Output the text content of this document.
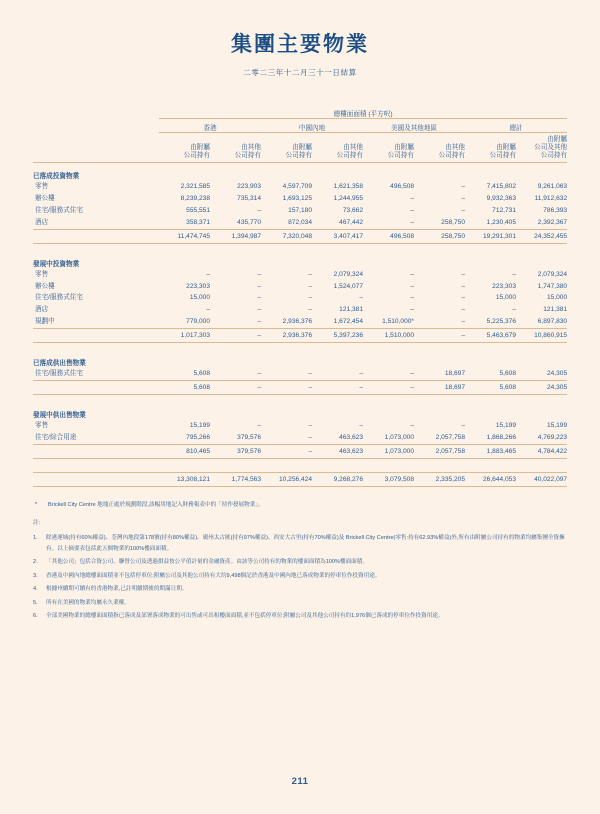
集團主要物業
二零二三年十二月三十一日結算
	總樓面面積 (平方呎)							
	香港		中國內地		美國及其他地區		總計	
	由附屬
公司持有	由其他
公司持有	由附屬
公司持有	由其他
公司持有	由附屬
公司持有	由其他
公司持有	由附屬
公司持有	由附屬
公司及其他
公司持有
已落成投資物業								
零售	2,321,585	223,903	4,597,709	1,621,358	496,508	–	7,415,802	9,261,063
辦公樓	8,239,238	735,314	1,693,125	1,244,955	–	–	9,932,363	11,912,632
住宅/服務式住宅	555,551	–	157,180	73,662	–	–	712,731	786,393
酒店	358,371	435,770	872,034	467,442	–	258,750	1,230,405	2,392,367
	11,474,745	1,394,987	7,320,048	3,407,417	496,508	258,750	19,291,301	24,352,455

發展中投資物業								
零售	–	–	–	2,079,324	–	–	–	2,079,324
辦公樓	223,303	–	–	1,524,077	–	–	223,303	1,747,380
住宅/服務式住宅	15,000	–	–	–	–	–	15,000	15,000
酒店	–	–	–	121,381	–	–	–	121,381
規劃中	779,000	–	2,936,376	1,672,454	1,510,000*	–	5,225,376	6,897,830
	1,017,303	–	2,936,376	5,397,236	1,510,000	–	5,463,679	10,860,915

已落成供出售物業								
住宅/服務式住宅	5,608	–	–	–	–	18,697	5,608	24,305
	5,608	–	–	–	–	18,697	5,608	24,305

發展中供出售物業								
零售	15,199	–	–	–	–	–	15,199	15,199
住宅/綜合用途	795,266	379,576	–	463,623	1,073,000	2,057,758	1,868,266	4,769,223
	810,465	379,576	–	463,623	1,073,000	2,057,758	1,883,465	4,784,422

	13,308,121	1,774,563	10,256,424	9,268,276	3,079,508	2,335,205	26,644,053	40,022,097
*	Brickell City Centre 地塊正處於規劃階段,該幅用地記入財務報表中的「持作發展物業」。
註:
1.	除港運城(持有60%權益)、荃灣內地段第178號(持有80%權益)、廣州太古匯(持有97%權益)、西安大古里(持有70%權益)及 Brickell City Centre(零售:持有62.93%權益)外,所有由附屬公司持有的物業均屬集團全資擁有。以上摘要表包括此五個物業的100%樓面面積。
2.	「其他公司」包括合資公司、聯營公司及透過損益按公平值計量的金融資產。由該等公司持有的物業的樓面面積為100%樓面面積。
3.	香港及中國內地總樓面面積並不包括停車位;附屬公司及其他公司持有大約9,498個記於香港及中國內地已落成物業的停車位作投資用途。
4.	根據州續期可續有的香港物業,已註明續期後的期滿日期。
5.	所有在美國的物業均屬永久業權。
6.	全部美國物業的總樓面面積指已落成及部署落成物業的可出售或可出租樓面面積,並不包括停車位;附屬公司及其他公司持有約1,976個已落成的停車位作投資用途。
211
